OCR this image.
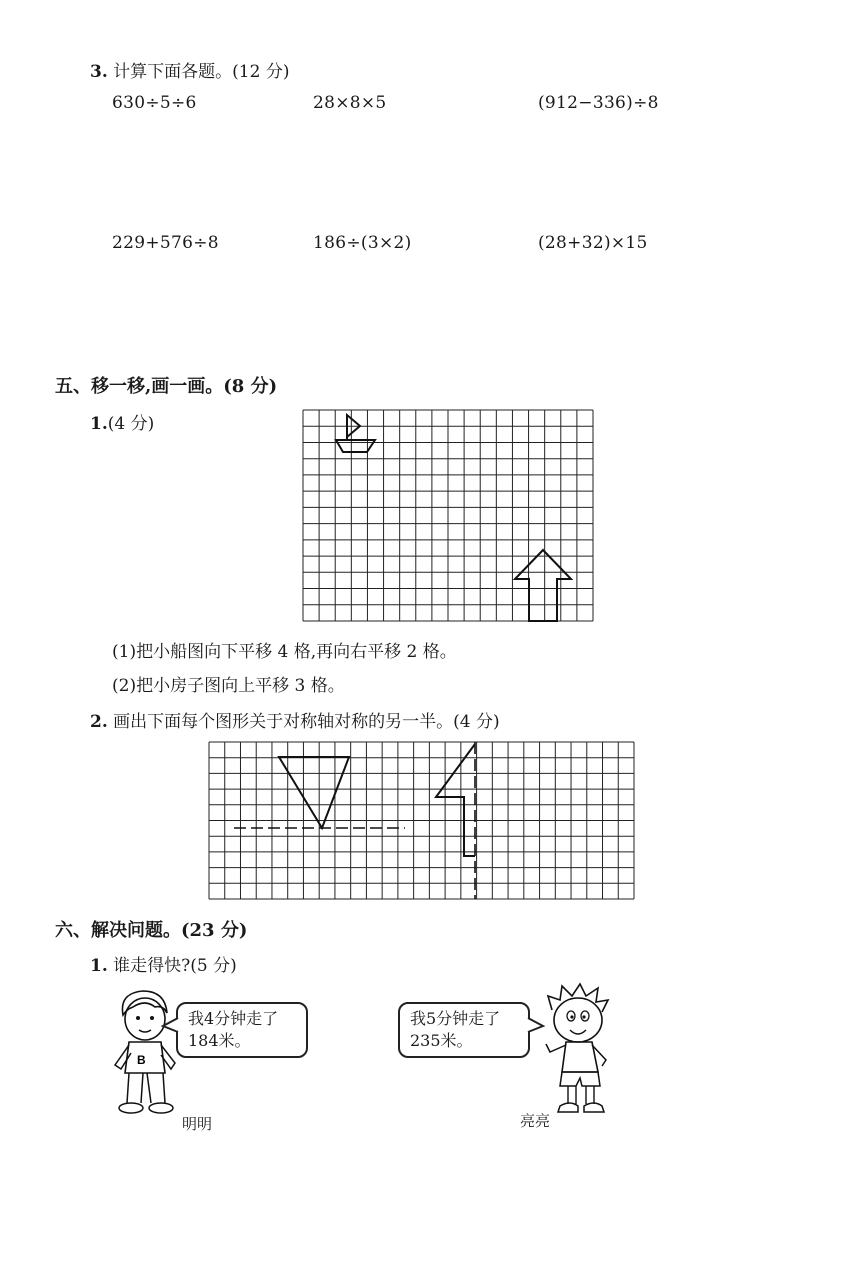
3. 计算下面各题。(12 分)
630÷5÷6	28×8×5	(912−336)÷8
229+576÷8	186÷(3×2)	(28+32)×15
五、移一移,画一画。(8 分)
1.(4 分)
(1)把小船图向下平移 4 格,再向右平移 2 格。
(2)把小房子图向上平移 3 格。
2. 画出下面每个图形关于对称轴对称的另一半。(4 分)
六、解决问题。(23 分)
1. 谁走得快?(5 分)
B
我4分钟走了
184米。
明明
我5分钟走了
235米。
亮亮
